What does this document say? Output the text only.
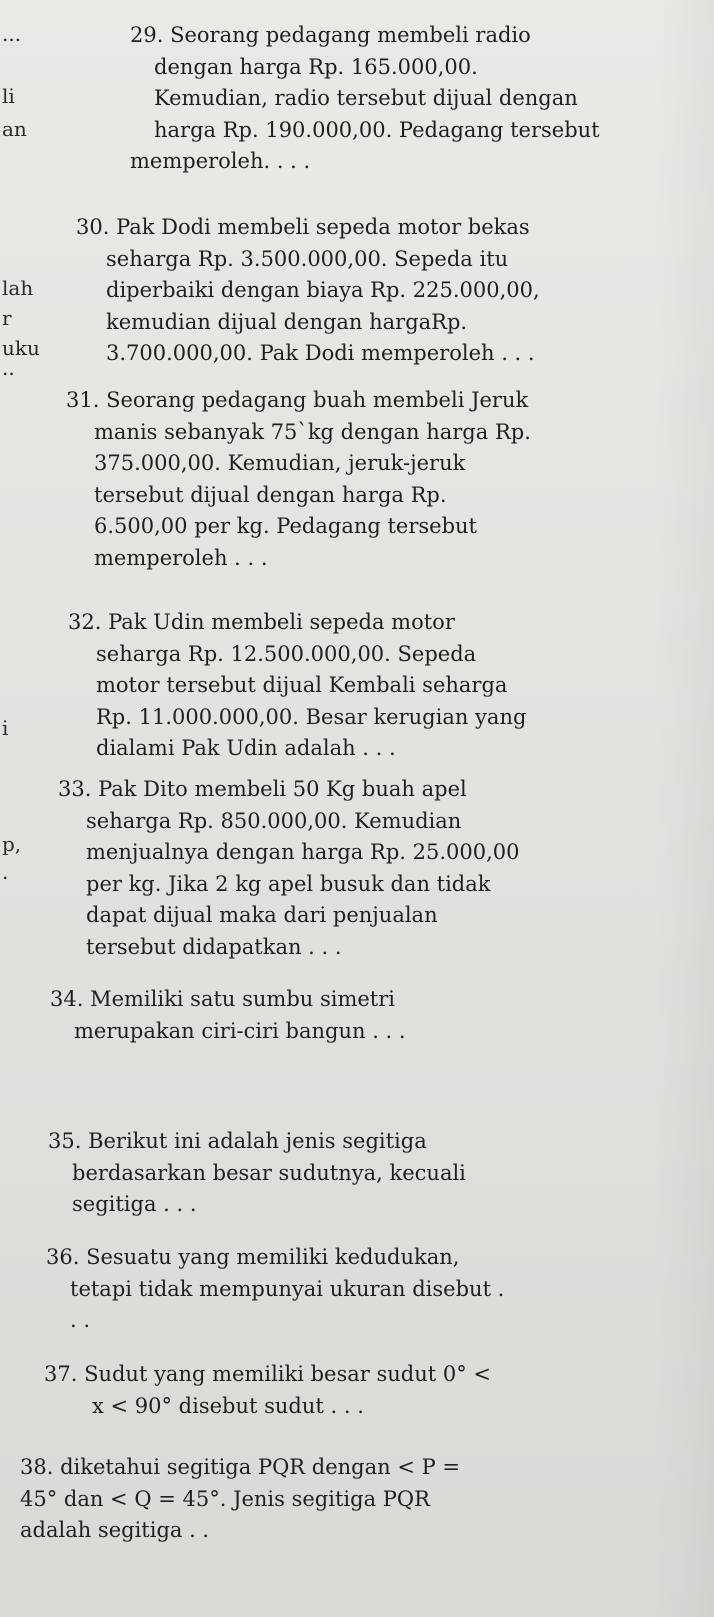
...
li
an
lah
r
uku
..
i
p,
.
29. Seorang pedagang membeli radio
dengan harga Rp. 165.000,00.
Kemudian, radio tersebut dijual dengan
harga Rp. 190.000,00. Pedagang tersebut
memperoleh. . . .
30. Pak Dodi membeli sepeda motor bekas
seharga Rp. 3.500.000,00. Sepeda itu
diperbaiki dengan biaya Rp. 225.000,00,
kemudian dijual dengan hargaRp.
3.700.000,00. Pak Dodi memperoleh . . .
31. Seorang pedagang buah membeli Jeruk
manis sebanyak 75`kg dengan harga Rp.
375.000,00. Kemudian, jeruk-jeruk
tersebut dijual dengan harga Rp.
6.500,00 per kg. Pedagang tersebut
memperoleh . . .
32. Pak Udin membeli sepeda motor
seharga Rp. 12.500.000,00. Sepeda
motor tersebut dijual Kembali seharga
Rp. 11.000.000,00. Besar kerugian yang
dialami Pak Udin adalah . . .
33. Pak Dito membeli 50 Kg buah apel
seharga Rp. 850.000,00. Kemudian
menjualnya dengan harga Rp. 25.000,00
per kg. Jika 2 kg apel busuk dan tidak
dapat dijual maka dari penjualan
tersebut didapatkan . . .
34. Memiliki satu sumbu simetri
merupakan ciri-ciri bangun . . .
35. Berikut ini adalah jenis segitiga
berdasarkan besar sudutnya, kecuali
segitiga . . .
36. Sesuatu yang memiliki kedudukan,
tetapi tidak mempunyai ukuran disebut .
. .
37. Sudut yang memiliki besar sudut 0° <
x < 90° disebut sudut . . .
38. diketahui segitiga PQR dengan < P =
45° dan < Q = 45°. Jenis segitiga PQR
adalah segitiga . .
